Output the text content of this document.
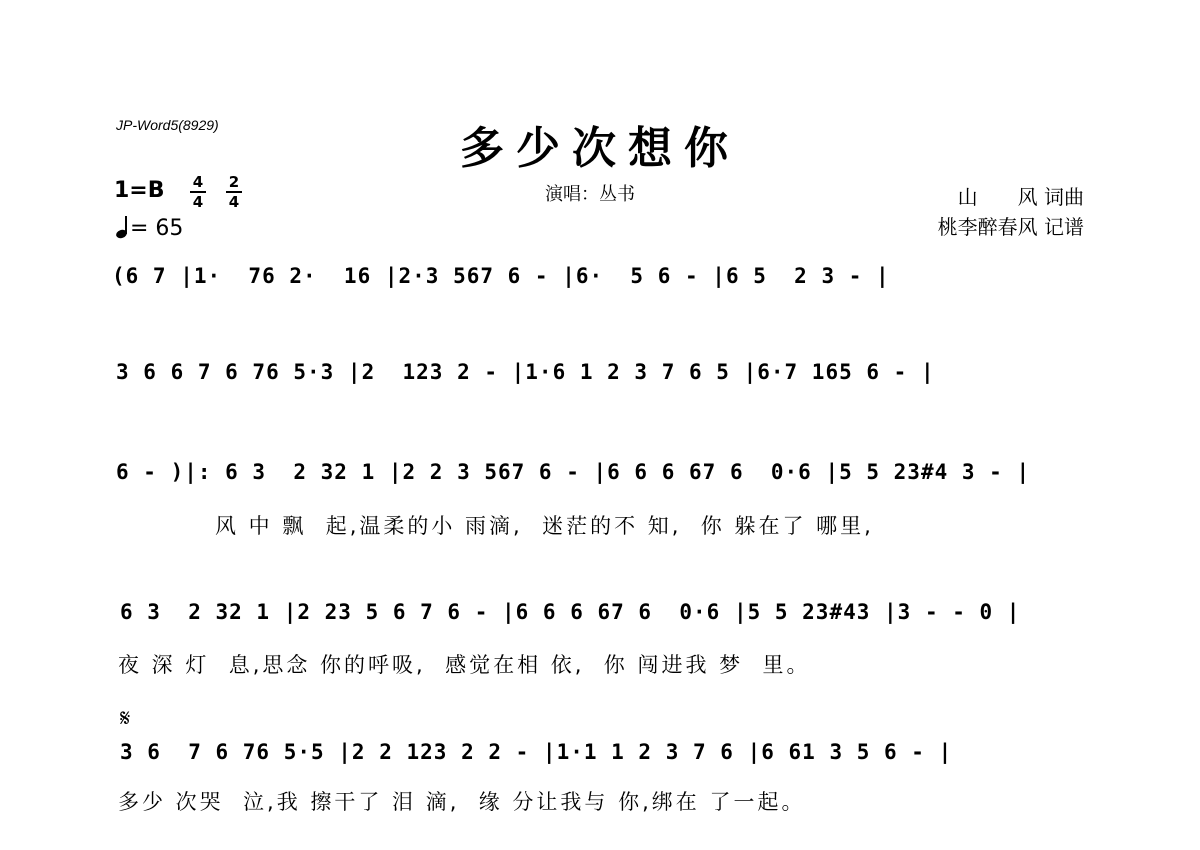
JP-Word5(8929)	多少次想你
1=B 4
4
2
4
= 65
演唱：丛书	山　　风 词曲
桃李醉春风 记谱
(6 7 |1·  76 2·  16 |2·3 567 6 - |6·  5 6 - |6 5  2 3 - |
3 6 6 7 6 76 5·3 |2  123 2 - |1·6 1 2 3 7 6 5 |6·7 165 6 - |
6 - )|: 6 3  2 32 1 |2 2 3 567 6 - |6 6 6 67 6  0·6 |5 5 23#4 3 - |
风 中 飘  起,温柔的小 雨滴,  迷茫的不 知,  你 躲在了 哪里,
6 3  2 32 1 |2 23 5 6 7 6 - |6 6 6 67 6  0·6 |5 5 23#43 |3 - - 0 |
夜 深 灯  息,思念 你的呼吸,  感觉在相 依,  你 闯进我 梦  里。
𝄋
3 6  7 6 76 5·5 |2 2 123 2 2 - |1·1 1 2 3 7 6 |6 61 3 5 6 - |
多少 次哭  泣,我 擦干了 泪 滴,  缘 分让我与 你,绑在 了一起。
